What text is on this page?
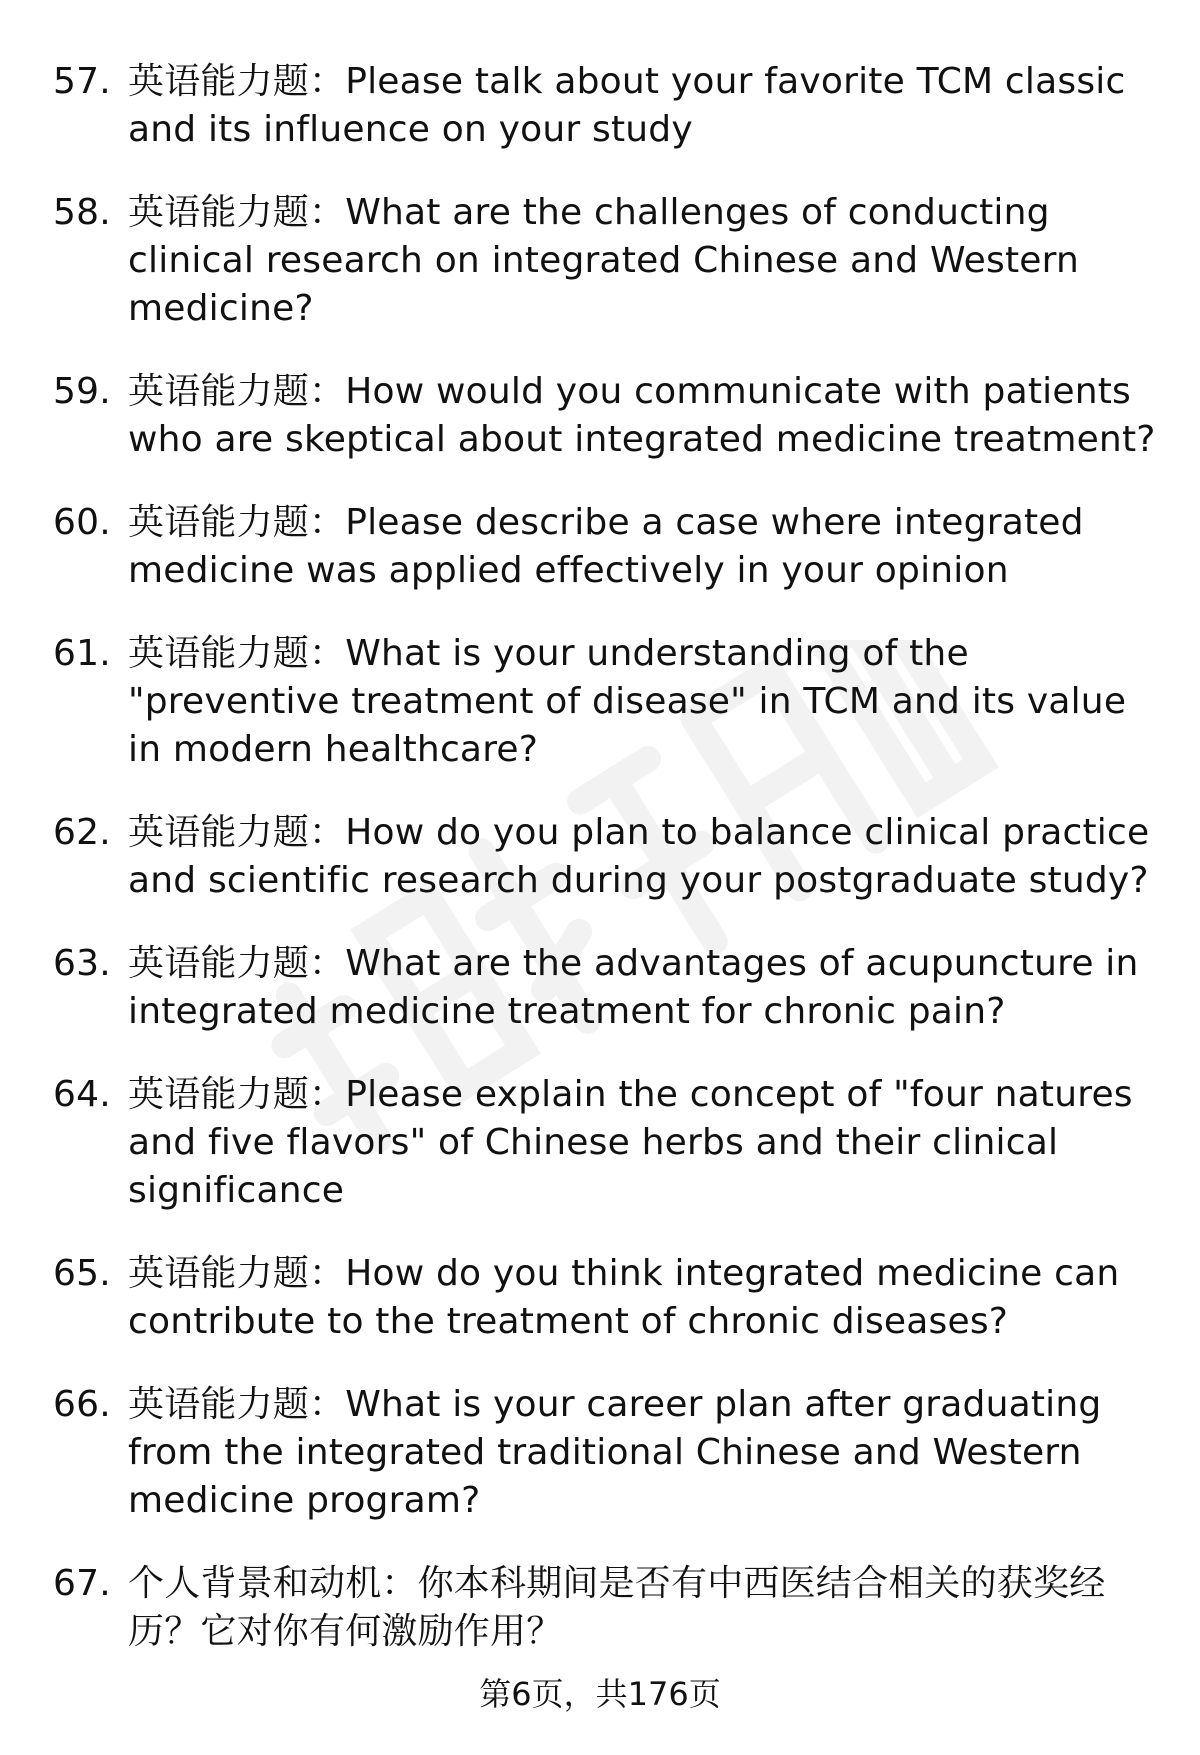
57. 英语能力题：Please talk about your favorite TCM classic and its influence on your study
58. 英语能力题：What are the challenges of conducting clinical research on integrated Chinese and Western medicine?
59. 英语能力题：How would you communicate with patients who are skeptical about integrated medicine treatment?
60. 英语能力题：Please describe a case where integrated medicine was applied effectively in your opinion
61. 英语能力题：What is your understanding of the "preventive treatment of disease" in TCM and its value in modern healthcare?
62. 英语能力题：How do you plan to balance clinical practice and scientific research during your postgraduate study?
63. 英语能力题：What are the advantages of acupuncture in integrated medicine treatment for chronic pain?
64. 英语能力题：Please explain the concept of "four natures and five flavors" of Chinese herbs and their clinical significance
65. 英语能力题：How do you think integrated medicine can contribute to the treatment of chronic diseases?
66. 英语能力题：What is your career plan after graduating from the integrated traditional Chinese and Western medicine program?
67. 个人背景和动机：你本科期间是否有中西医结合相关的获奖经历？它对你有何激励作用？
第6页，共176页
